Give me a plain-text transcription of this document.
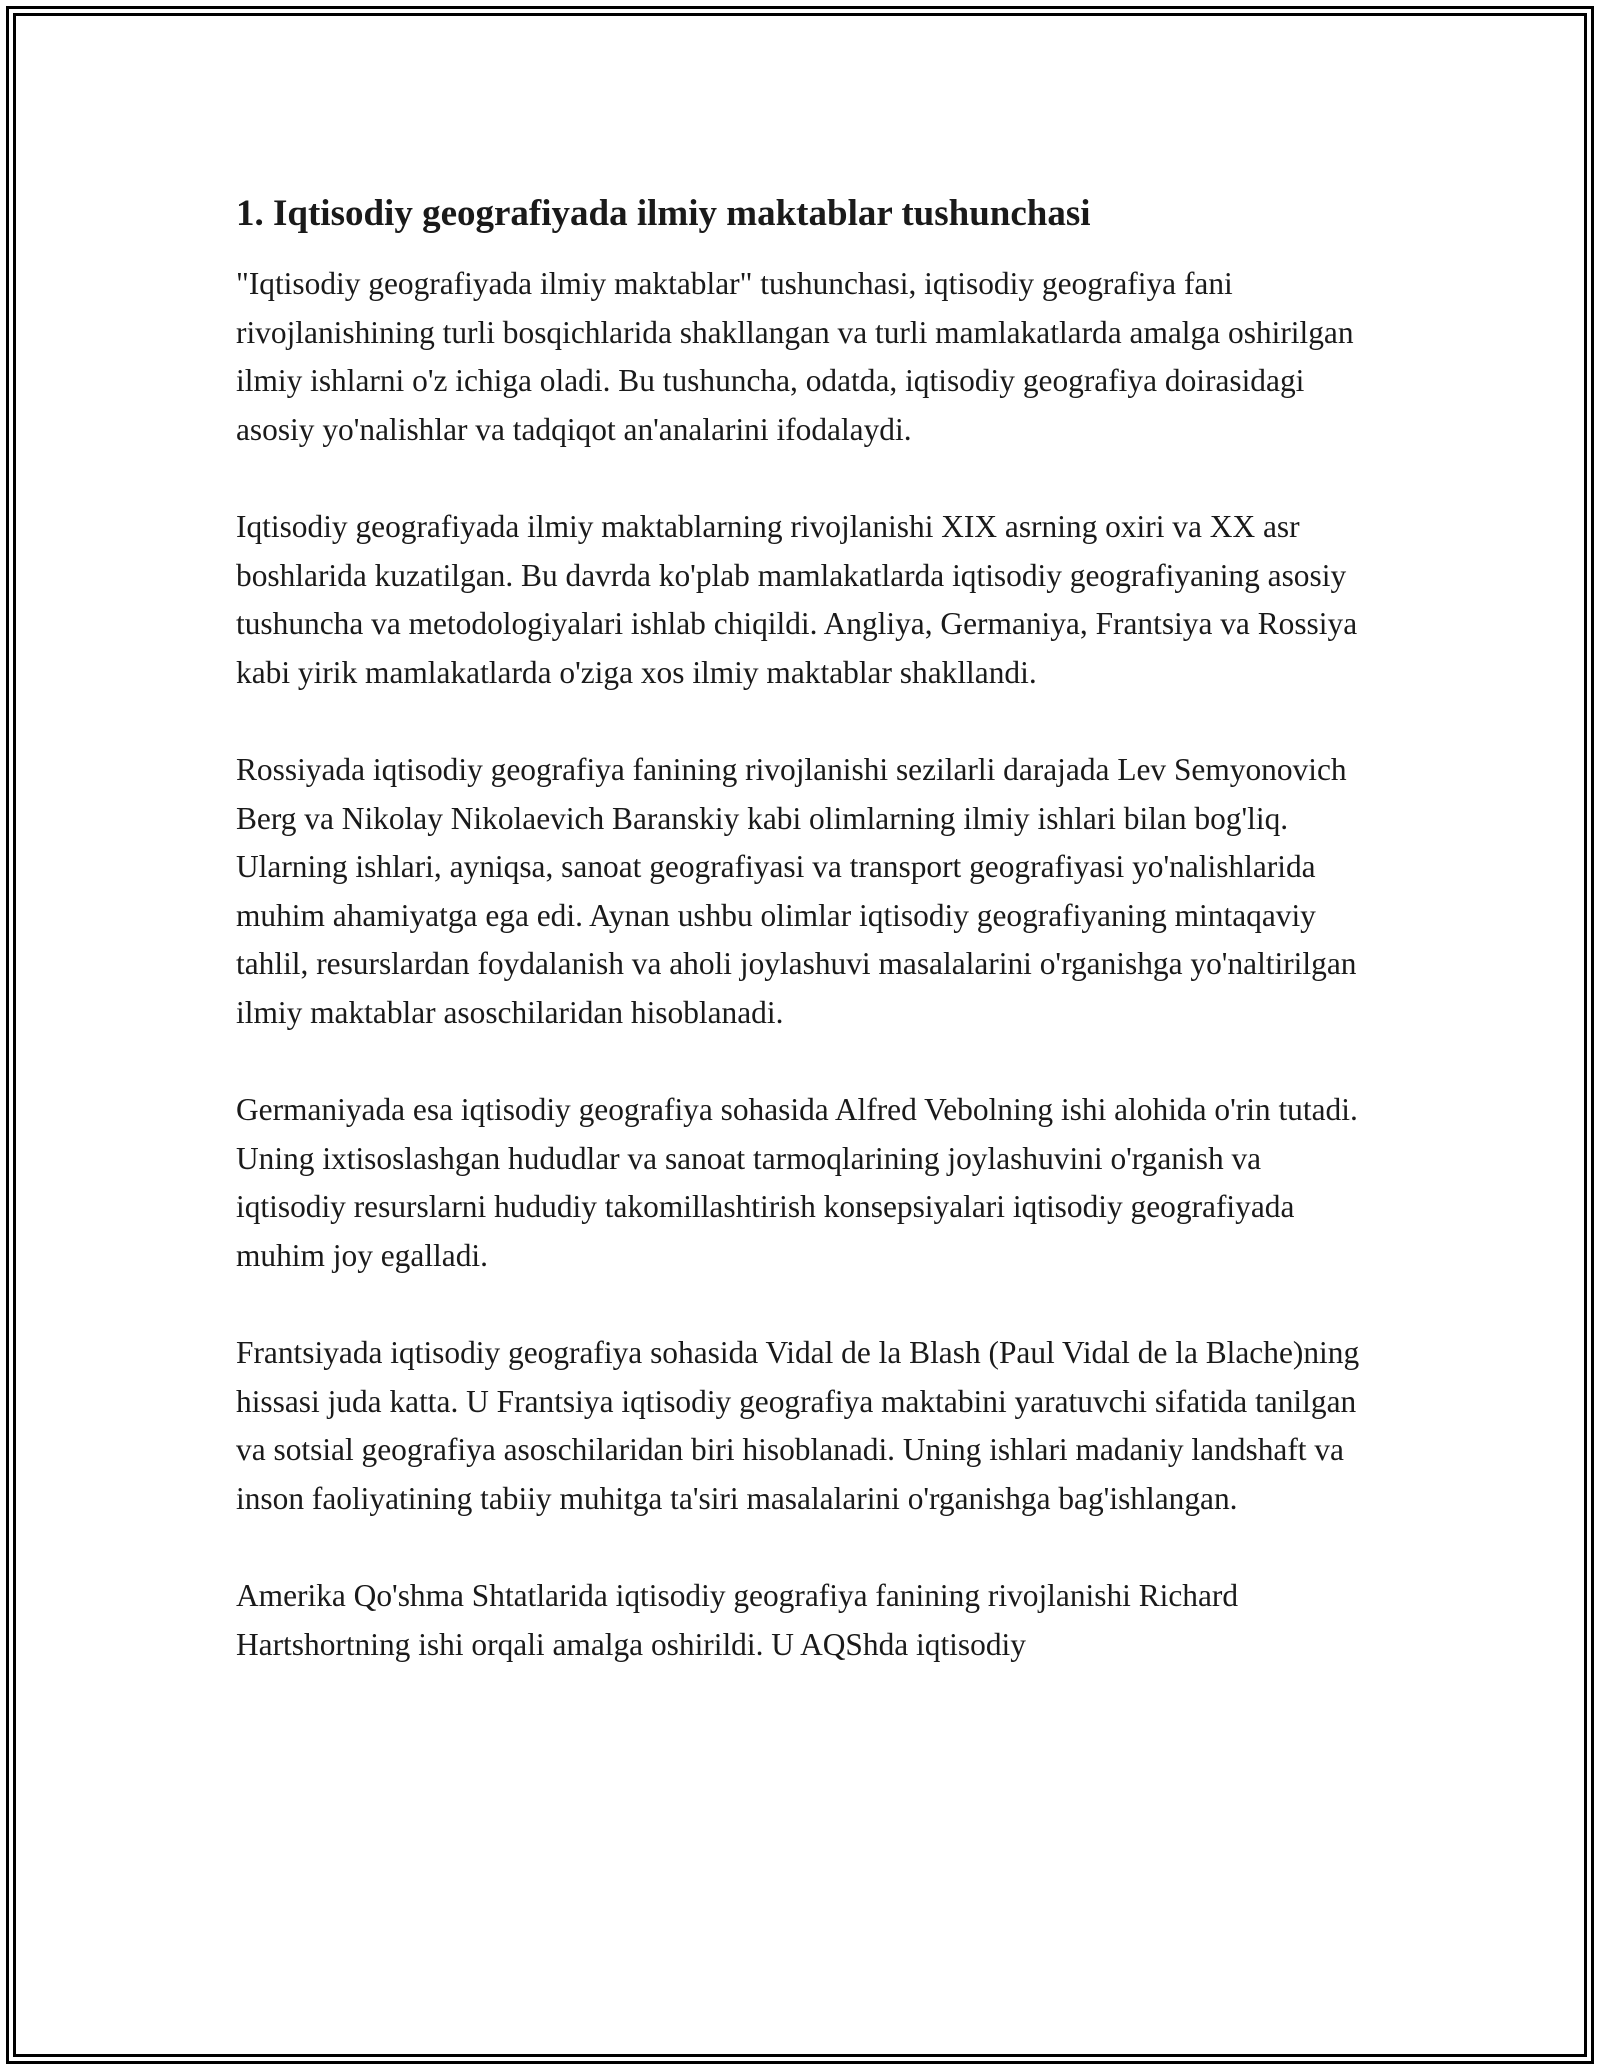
1. Iqtisodiy geografiyada ilmiy maktablar tushunchasi

"Iqtisodiy geografiyada ilmiy maktablar" tushunchasi, iqtisodiy geografiya fani rivojlanishining turli bosqichlarida shakllangan va turli mamlakatlarda amalga oshirilgan ilmiy ishlarni o'z ichiga oladi. Bu tushuncha, odatda, iqtisodiy geografiya doirasidagi asosiy yo'nalishlar va tadqiqot an'analarini ifodalaydi.

Iqtisodiy geografiyada ilmiy maktablarning rivojlanishi XIX asrning oxiri va XX asr boshlarida kuzatilgan. Bu davrda ko'plab mamlakatlarda iqtisodiy geografiyaning asosiy tushuncha va metodologiyalari ishlab chiqildi. Angliya, Germaniya, Frantsiya va Rossiya kabi yirik mamlakatlarda o'ziga xos ilmiy maktablar shakllandi.

Rossiyada iqtisodiy geografiya fanining rivojlanishi sezilarli darajada Lev Semyonovich Berg va Nikolay Nikolaevich Baranskiy kabi olimlarning ilmiy ishlari bilan bog'liq. Ularning ishlari, ayniqsa, sanoat geografiyasi va transport geografiyasi yo'nalishlarida muhim ahamiyatga ega edi. Aynan ushbu olimlar iqtisodiy geografiyaning mintaqaviy tahlil, resurslardan foydalanish va aholi joylashuvi masalalarini o'rganishga yo'naltirilgan ilmiy maktablar asoschilaridan hisoblanadi.

Germaniyada esa iqtisodiy geografiya sohasida Alfred Vebolning ishi alohida o'rin tutadi. Uning ixtisoslashgan hududlar va sanoat tarmoqlarining joylashuvini o'rganish va iqtisodiy resurslarni hududiy takomillashtirish konsepsiyalari iqtisodiy geografiyada muhim joy egalladi.

Frantsiyada iqtisodiy geografiya sohasida Vidal de la Blash (Paul Vidal de la Blache)ning hissasi juda katta. U Frantsiya iqtisodiy geografiya maktabini yaratuvchi sifatida tanilgan va sotsial geografiya asoschilaridan biri hisoblanadi. Uning ishlari madaniy landshaft va inson faoliyatining tabiiy muhitga ta'siri masalalarini o'rganishga bag'ishlangan.

Amerika Qo'shma Shtatlarida iqtisodiy geografiya fanining rivojlanishi Richard Hartshortning ishi orqali amalga oshirildi. U AQShda iqtisodiy
